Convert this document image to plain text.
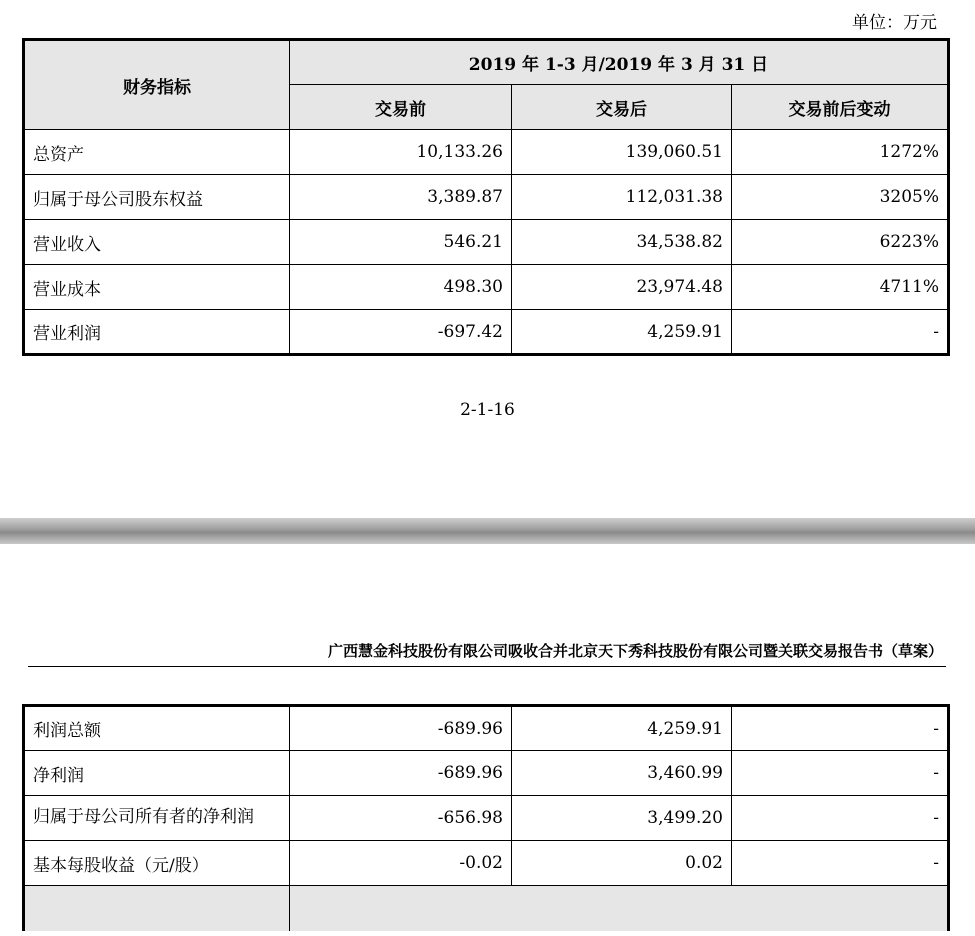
单位：万元
财务指标	2019 年 1-3 月/2019 年 3 月 31 日		
	交易前	交易后	交易前后变动
总资产	10,133.26	139,060.51	1272%
归属于母公司股东权益	3,389.87	112,031.38	3205%
营业收入	546.21	34,538.82	6223%
营业成本	498.30	23,974.48	4711%
营业利润	-697.42	4,259.91	-
2-1-16
广西慧金科技股份有限公司吸收合并北京天下秀科技股份有限公司暨关联交易报告书（草案）
利润总额	-689.96	4,259.91	-
净利润	-689.96	3,460.99	-
归属于母公司所有者的净利润	-656.98	3,499.20	-
基本每股收益（元/股）	-0.02	0.02	-
